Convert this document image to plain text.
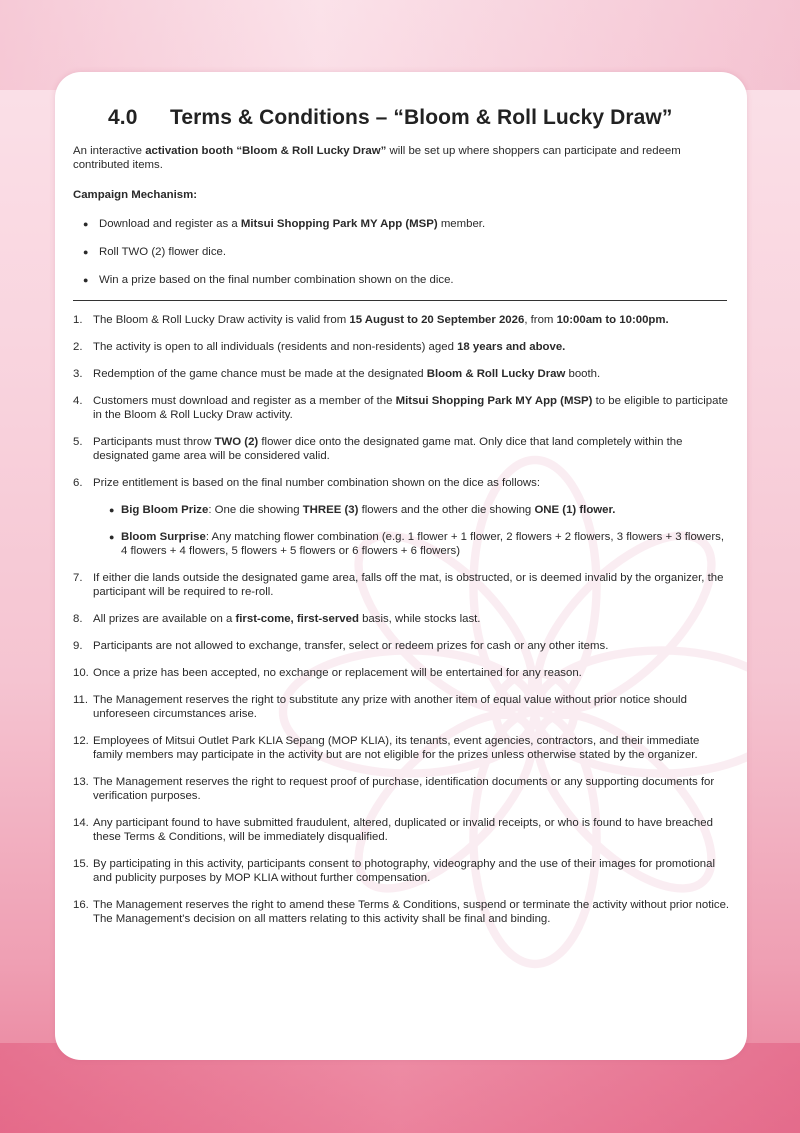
4.0 Terms & Conditions – “Bloom & Roll Lucky Draw”

An interactive activation booth “Bloom & Roll Lucky Draw” will be set up where shoppers can participate and redeem contributed items.

Campaign Mechanism:

● Download and register as a Mitsui Shopping Park MY App (MSP) member.
● Roll TWO (2) flower dice.
● Win a prize based on the final number combination shown on the dice.
1. The Bloom & Roll Lucky Draw activity is valid from 15 August to 20 September 2026, from 10:00am to 10:00pm.
2. The activity is open to all individuals (residents and non-residents) aged 18 years and above.
3. Redemption of the game chance must be made at the designated Bloom & Roll Lucky Draw booth.
4. Customers must download and register as a member of the Mitsui Shopping Park MY App (MSP) to be eligible to participate in the Bloom & Roll Lucky Draw activity.
5. Participants must throw TWO (2) flower dice onto the designated game mat. Only dice that land completely within the designated game area will be considered valid.
6. Prize entitlement is based on the final number combination shown on the dice as follows:
● Big Bloom Prize: One die showing THREE (3) flowers and the other die showing ONE (1) flower.
● Bloom Surprise: Any matching flower combination (e.g. 1 flower + 1 flower, 2 flowers + 2 flowers, 3 flowers + 3 flowers, 4 flowers + 4 flowers, 5 flowers + 5 flowers or 6 flowers + 6 flowers)
7. If either die lands outside the designated game area, falls off the mat, is obstructed, or is deemed invalid by the organizer, the participant will be required to re-roll.
8. All prizes are available on a first-come, first-served basis, while stocks last.
9. Participants are not allowed to exchange, transfer, select or redeem prizes for cash or any other items.
10. Once a prize has been accepted, no exchange or replacement will be entertained for any reason.
11. The Management reserves the right to substitute any prize with another item of equal value without prior notice should unforeseen circumstances arise.
12. Employees of Mitsui Outlet Park KLIA Sepang (MOP KLIA), its tenants, event agencies, contractors, and their immediate family members may participate in the activity but are not eligible for the prizes unless otherwise stated by the organizer.
13. The Management reserves the right to request proof of purchase, identification documents or any supporting documents for verification purposes.
14. Any participant found to have submitted fraudulent, altered, duplicated or invalid receipts, or who is found to have breached these Terms & Conditions, will be immediately disqualified.
15. By participating in this activity, participants consent to photography, videography and the use of their images for promotional and publicity purposes by MOP KLIA without further compensation.
16. The Management reserves the right to amend these Terms & Conditions, suspend or terminate the activity without prior notice. The Management's decision on all matters relating to this activity shall be final and binding.
